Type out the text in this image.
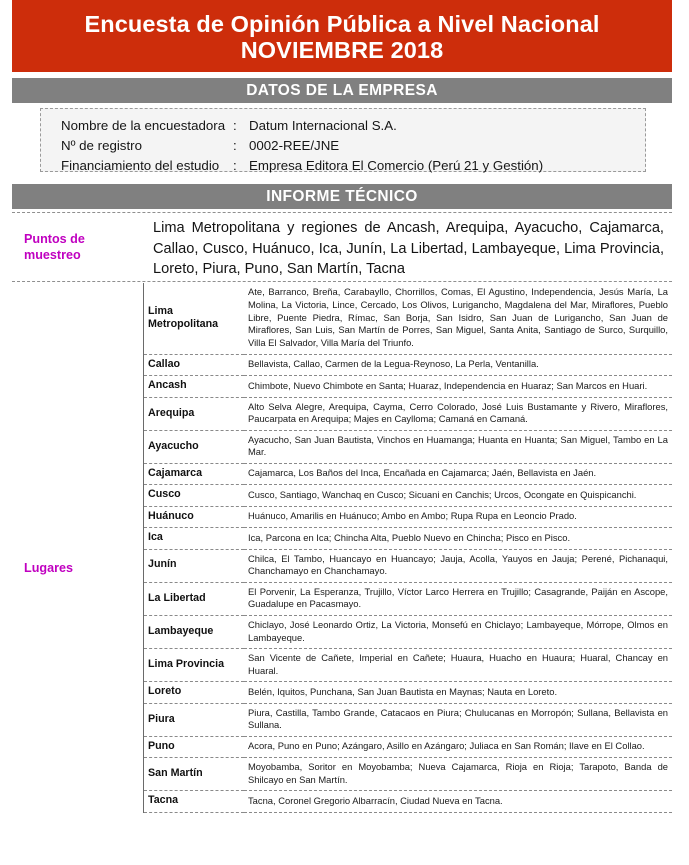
Encuesta de Opinión Pública a Nivel Nacional
NOVIEMBRE 2018
DATOS DE LA EMPRESA
Nombre de la encuestadora : Datum Internacional S.A.
Nº de registro	: 0002-REE/JNE
Financiamiento del estudio	: Empresa Editora El Comercio (Perú 21 y Gestión)
INFORME TÉCNICO
Puntos de
muestreo
Lima Metropolitana y regiones de Ancash, Arequipa, Ayacucho, Cajamarca, Callao, Cusco, Huánuco, Ica, Junín, La Libertad, Lambayeque, Lima Provincia, Loreto, Piura, Puno, San Martín, Tacna
Lugares
Lima Metropolitana	Ate, Barranco, Breña, Carabayllo, Chorrillos, Comas, El Agustino, Independencia, Jesús María, La Molina, La Victoria, Lince, Cercado, Los Olivos, Lurigancho, Magdalena del Mar, Miraflores, Pueblo Libre, Puente Piedra, Rímac, San Borja, San Isidro, San Juan de Lurigancho, San Juan de Miraflores, San Luis, San Martín de Porres, San Miguel, Santa Anita, Santiago de Surco, Surquillo, Villa El Salvador, Villa María del Triunfo.
Callao	Bellavista, Callao, Carmen de la Legua-Reynoso, La Perla, Ventanilla.
Ancash	Chimbote, Nuevo Chimbote en Santa; Huaraz, Independencia en Huaraz; San Marcos en Huari.
Arequipa	Alto Selva Alegre, Arequipa, Cayma, Cerro Colorado, José Luis Bustamante y Rivero, Miraflores, Paucarpata en Arequipa; Majes en Caylloma; Camaná en Camaná.
Ayacucho	Ayacucho, San Juan Bautista, Vinchos en Huamanga; Huanta en Huanta; San Miguel, Tambo en La Mar.
Cajamarca	Cajamarca, Los Baños del Inca, Encañada en Cajamarca; Jaén, Bellavista en Jaén.
Cusco	Cusco, Santiago, Wanchaq en Cusco; Sicuani en Canchis; Urcos, Ocongate en Quispicanchi.
Huánuco	Huánuco, Amarilis en Huánuco; Ambo en Ambo; Rupa Rupa en Leoncio Prado.
Ica	Ica, Parcona en Ica; Chincha Alta, Pueblo Nuevo en Chincha; Pisco en Pisco.
Junín	Chilca, El Tambo, Huancayo en Huancayo; Jauja, Acolla, Yauyos en Jauja; Perené, Pichanaqui, Chanchamayo en Chanchamayo.
La Libertad	El Porvenir, La Esperanza, Trujillo, Víctor Larco Herrera en Trujillo; Casagrande, Paiján en Ascope, Guadalupe en Pacasmayo.
Lambayeque	Chiclayo, José Leonardo Ortiz, La Victoria, Monsefú en Chiclayo; Lambayeque, Mórrope, Olmos en Lambayeque.
Lima Provincia	San Vicente de Cañete, Imperial en Cañete; Huaura, Huacho en Huaura; Huaral, Chancay en Huaral.
Loreto	Belén, Iquitos, Punchana, San Juan Bautista en Maynas; Nauta en Loreto.
Piura	Piura, Castilla, Tambo Grande, Catacaos en Piura; Chulucanas en Morropón; Sullana, Bellavista en Sullana.
Puno	Acora, Puno en Puno; Azángaro, Asillo en Azángaro; Juliaca en San Román; Ilave en El Collao.
San Martín	Moyobamba, Soritor en Moyobamba; Nueva Cajamarca, Rioja en Rioja; Tarapoto, Banda de Shilcayo en San Martín.
Tacna	Tacna, Coronel Gregorio Albarracín, Ciudad Nueva en Tacna.
